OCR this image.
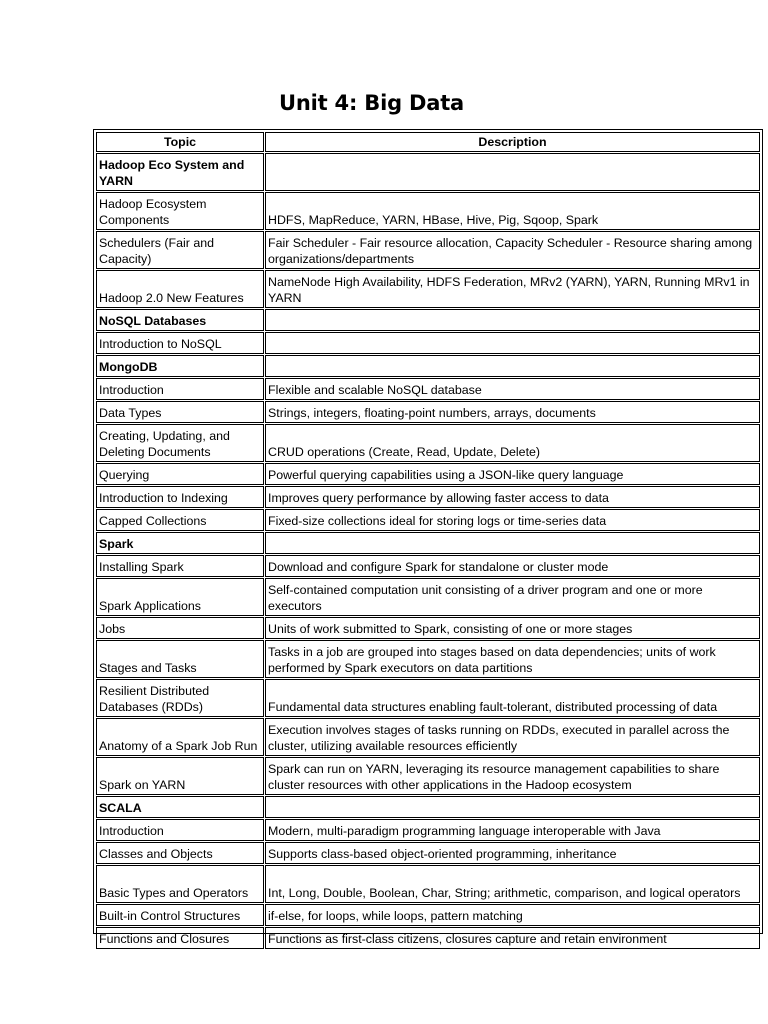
Unit 4: Big Data
Topic	Description
Hadoop Eco System and YARN	
Hadoop Ecosystem Components	HDFS, MapReduce, YARN, HBase, Hive, Pig, Sqoop, Spark
Schedulers (Fair and Capacity)	Fair Scheduler - Fair resource allocation, Capacity Scheduler - Resource sharing among organizations/departments
Hadoop 2.0 New Features	NameNode High Availability, HDFS Federation, MRv2 (YARN), YARN, Running MRv1 in YARN
NoSQL Databases	
Introduction to NoSQL	
MongoDB	
Introduction	Flexible and scalable NoSQL database
Data Types	Strings, integers, floating-point numbers, arrays, documents
Creating, Updating, and Deleting Documents	CRUD operations (Create, Read, Update, Delete)
Querying	Powerful querying capabilities using a JSON-like query language
Introduction to Indexing	Improves query performance by allowing faster access to data
Capped Collections	Fixed-size collections ideal for storing logs or time-series data
Spark	
Installing Spark	Download and configure Spark for standalone or cluster mode
Spark Applications	Self-contained computation unit consisting of a driver program and one or more executors
Jobs	Units of work submitted to Spark, consisting of one or more stages
Stages and Tasks	Tasks in a job are grouped into stages based on data dependencies; units of work performed by Spark executors on data partitions
Resilient Distributed Databases (RDDs)	Fundamental data structures enabling fault-tolerant, distributed processing of data
Anatomy of a Spark Job Run	Execution involves stages of tasks running on RDDs, executed in parallel across the cluster, utilizing available resources efficiently
Spark on YARN	Spark can run on YARN, leveraging its resource management capabilities to share cluster resources with other applications in the Hadoop ecosystem
SCALA	
Introduction	Modern, multi-paradigm programming language interoperable with Java
Classes and Objects	Supports class-based object-oriented programming, inheritance
Basic Types and Operators	Int, Long, Double, Boolean, Char, String; arithmetic, comparison, and logical operators
Built-in Control Structures	if-else, for loops, while loops, pattern matching
Functions and Closures	Functions as first-class citizens, closures capture and retain environment
